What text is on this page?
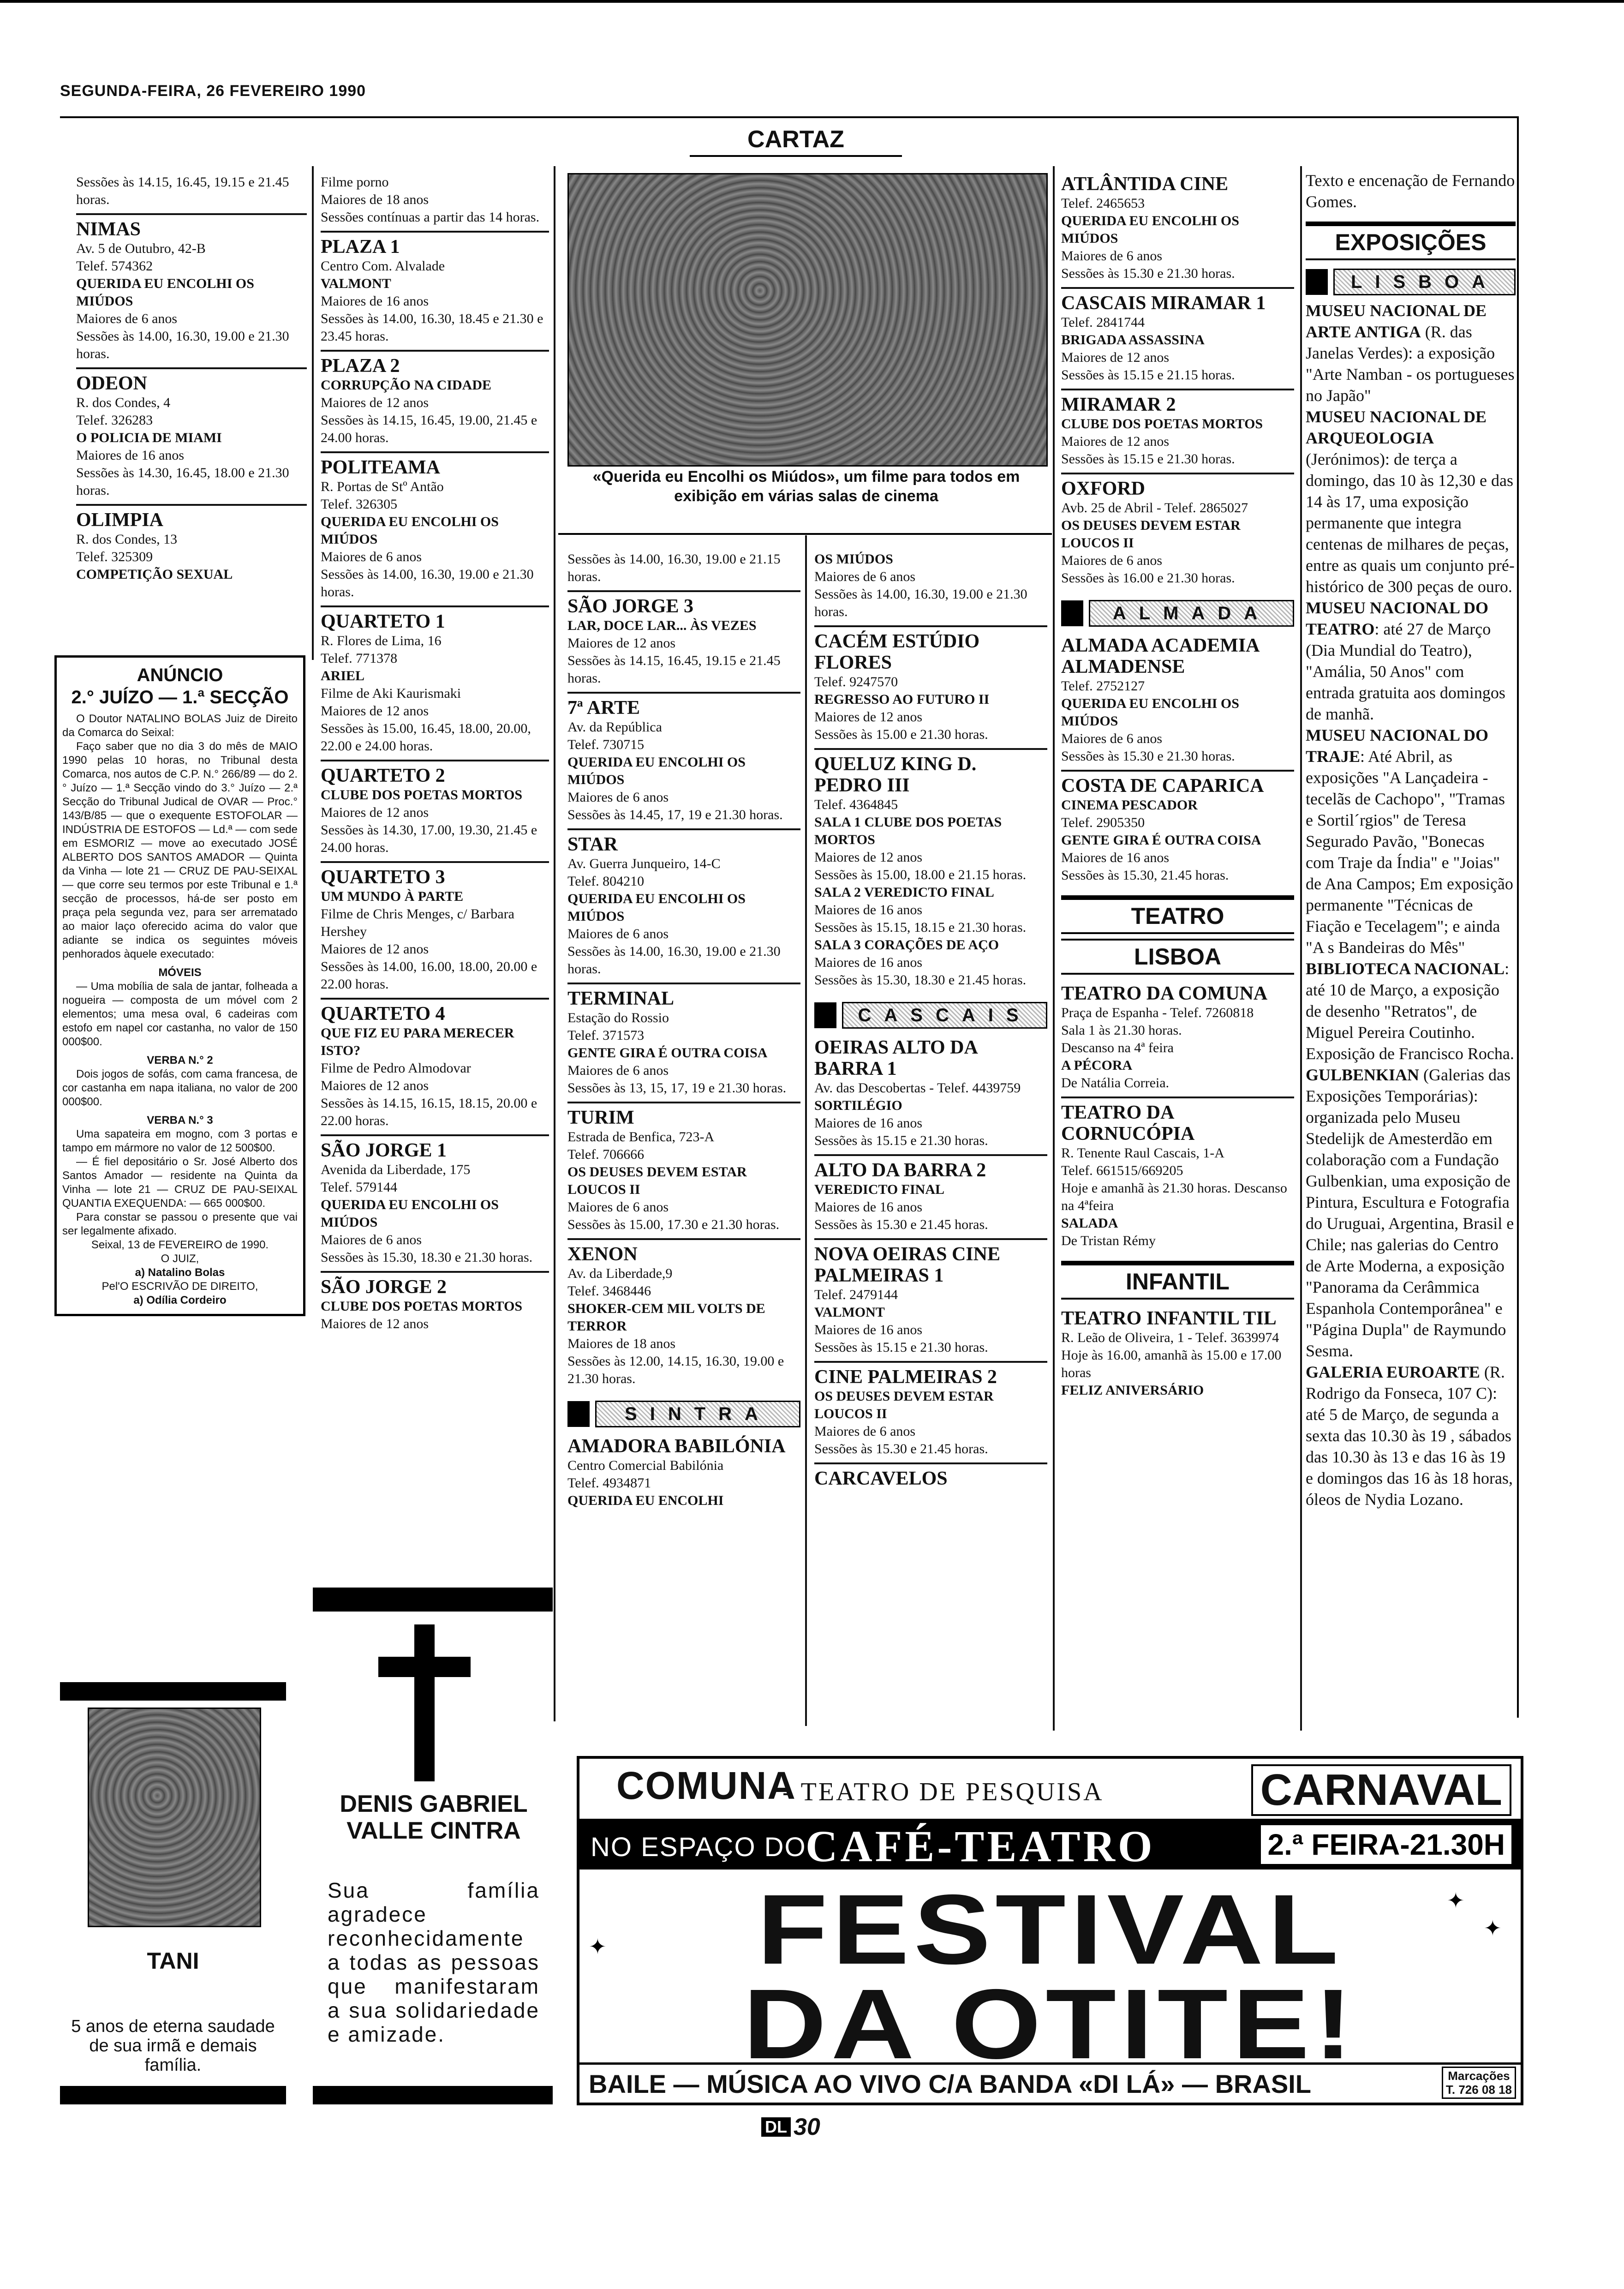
SEGUNDA-FEIRA, 26 FEVEREIRO 1990
CARTAZ
Sessões às 14.15, 16.45, 19.15 e 21.45 horas.
NIMAS
Av. 5 de Outubro, 42-B
Telef. 574362
QUERIDA EU ENCOLHI OS MIÚDOS
Maiores de 6 anos
Sessões às 14.00, 16.30, 19.00 e 21.30 horas.
ODEON
R. dos Condes, 4
Telef. 326283
O POLICIA DE MIAMI
Maiores de 16 anos
Sessões às 14.30, 16.45, 18.00 e 21.30 horas.
OLIMPIA
R. dos Condes, 13
Telef. 325309
COMPETIÇÃO SEXUAL
ANÚNCIO
2.° JUÍZO — 1.ª SECÇÃO
O Doutor NATALINO BOLAS Juiz de Direito da Comarca do Seixal:
Faço saber que no dia 3 do mês de MAIO 1990 pelas 10 horas, no Tribunal desta Comarca, nos autos de C.P. N.° 266/89 — do 2.° Juízo — 1.ª Secção vindo do 3.° Juízo — 2.ª Secção do Tribunal Judical de OVAR — Proc.° 143/B/85 — que o exequente ESTOFOLAR — INDÚSTRIA DE ESTOFOS — Ld.ª — com sede em ESMORIZ — move ao executado JOSÉ ALBERTO DOS SANTOS AMADOR — Quinta da Vinha — lote 21 — CRUZ DE PAU-SEIXAL — que corre seu termos por este Tribunal e 1.ª secção de processos, há-de ser posto em praça pela segunda vez, para ser arrematado ao maior laço oferecido acima do valor que adiante se indica os seguintes móveis penhorados àquele executado:
MÓVEIS
— Uma mobília de sala de jantar, folheada a nogueira — composta de um móvel com 2 elementos; uma mesa oval, 6 cadeiras com estofo em napel cor castanha, no valor de 150 000$00.
VERBA N.° 2
Dois jogos de sofás, com cama francesa, de cor castanha em napa italiana, no valor de 200 000$00.
VERBA N.° 3
Uma sapateira em mogno, com 3 portas e tampo em mármore no valor de 12 500$00.
— É fiel depositário o Sr. José Alberto dos Santos Amador — residente na Quinta da Vinha — lote 21 — CRUZ DE PAU-SEIXAL QUANTIA EXEQUENDA: — 665 000$00.
Para constar se passou o presente que vai ser legalmente afixado.
Seixal, 13 de FEVEREIRO de 1990.
O JUIZ,
a) Natalino Bolas
Pel'O ESCRIVÃO DE DIREITO,
a) Odília Cordeiro
TANI
5 anos de eterna saudade de sua irmã e demais família.
DENIS GABRIEL VALLE CINTRA
Sua família agradece reconhecidamente a todas as pessoas que manifestaram a sua solidariedade e amizade.
Filme porno
Maiores de 18 anos
Sessões contínuas a partir das 14 horas.
PLAZA 1
Centro Com. Alvalade
VALMONT
Maiores de 16 anos
Sessões às 14.00, 16.30, 18.45 e 21.30 e 23.45 horas.
PLAZA 2
CORRUPÇÃO NA CIDADE
Maiores de 12 anos
Sessões às 14.15, 16.45, 19.00, 21.45 e 24.00 horas.
POLITEAMA
R. Portas de Stº Antão
Telef. 326305
QUERIDA EU ENCOLHI OS MIÚDOS
Maiores de 6 anos
Sessões às 14.00, 16.30, 19.00 e 21.30 horas.
QUARTETO 1
R. Flores de Lima, 16
Telef. 771378
ARIEL
Filme de Aki Kaurismaki
Maiores de 12 anos
Sessões às 15.00, 16.45, 18.00, 20.00, 22.00 e 24.00 horas.
QUARTETO 2
CLUBE DOS POETAS MORTOS
Maiores de 12 anos
Sessões às 14.30, 17.00, 19.30, 21.45 e 24.00 horas.
QUARTETO 3
UM MUNDO À PARTE
Filme de Chris Menges, c/ Barbara Hershey
Maiores de 12 anos
Sessões às 14.00, 16.00, 18.00, 20.00 e 22.00 horas.
QUARTETO 4
QUE FIZ EU PARA MERECER ISTO?
Filme de Pedro Almodovar
Maiores de 12 anos
Sessões às 14.15, 16.15, 18.15, 20.00 e 22.00 horas.
SÃO JORGE 1
Avenida da Liberdade, 175
Telef. 579144
QUERIDA EU ENCOLHI OS MIÚDOS
Maiores de 6 anos
Sessões às 15.30, 18.30 e 21.30 horas.
SÃO JORGE 2
CLUBE DOS POETAS MORTOS
Maiores de 12 anos
«Querida eu Encolhi os Miúdos», um filme para todos em exibição em várias salas de cinema
Sessões às 14.00, 16.30, 19.00 e 21.15 horas.
SÃO JORGE 3
LAR, DOCE LAR... ÀS VEZES
Maiores de 12 anos
Sessões às 14.15, 16.45, 19.15 e 21.45 horas.
7ª ARTE
Av. da República
Telef. 730715
QUERIDA EU ENCOLHI OS MIÚDOS
Maiores de 6 anos
Sessões às 14.45, 17, 19 e 21.30 horas.
STAR
Av. Guerra Junqueiro, 14-C
Telef. 804210
QUERIDA EU ENCOLHI OS MIÚDOS
Maiores de 6 anos
Sessões às 14.00, 16.30, 19.00 e 21.30 horas.
TERMINAL
Estação do Rossio
Telef. 371573
GENTE GIRA É OUTRA COISA
Maiores de 6 anos
Sessões às 13, 15, 17, 19 e 21.30 horas.
TURIM
Estrada de Benfica, 723-A
Telef. 706666
OS DEUSES DEVEM ESTAR LOUCOS II
Maiores de 6 anos
Sessões às 15.00, 17.30 e 21.30 horas.
XENON
Av. da Liberdade,9
Telef. 3468446
SHOKER-CEM MIL VOLTS DE TERROR
Maiores de 18 anos
Sessões às 12.00, 14.15, 16.30, 19.00 e 21.30 horas.
SINTRA
AMADORA BABILÓNIA
Centro Comercial Babilónia
Telef. 4934871
QUERIDA EU ENCOLHI
OS MIÚDOS
Maiores de 6 anos
Sessões às 14.00, 16.30, 19.00 e 21.30 horas.
CACÉM ESTÚDIO FLORES
Telef. 9247570
REGRESSO AO FUTURO II
Maiores de 12 anos
Sessões às 15.00 e 21.30 horas.
QUELUZ KING D. PEDRO III
Telef. 4364845
SALA 1 CLUBE DOS POETAS MORTOS
Maiores de 12 anos
Sessões às 15.00, 18.00 e 21.15 horas.
SALA 2 VEREDICTO FINAL
Maiores de 16 anos
Sessões às 15.15, 18.15 e 21.30 horas.
SALA 3 CORAÇÕES DE AÇO
Maiores de 16 anos
Sessões às 15.30, 18.30 e 21.45 horas.
CASCAIS
OEIRAS ALTO DA BARRA 1
Av. das Descobertas - Telef. 4439759
SORTILÉGIO
Maiores de 16 anos
Sessões às 15.15 e 21.30 horas.
ALTO DA BARRA 2
VEREDICTO FINAL
Maiores de 16 anos
Sessões às 15.30 e 21.45 horas.
NOVA OEIRAS CINE PALMEIRAS 1
Telef. 2479144
VALMONT
Maiores de 16 anos
Sessões às 15.15 e 21.30 horas.
CINE PALMEIRAS 2
OS DEUSES DEVEM ESTAR LOUCOS II
Maiores de 6 anos
Sessões às 15.30 e 21.45 horas.
CARCAVELOS
ATLÂNTIDA CINE
Telef. 2465653
QUERIDA EU ENCOLHI OS MIÚDOS
Maiores de 6 anos
Sessões às 15.30 e 21.30 horas.
CASCAIS MIRAMAR 1
Telef. 2841744
BRIGADA ASSASSINA
Maiores de 12 anos
Sessões às 15.15 e 21.15 horas.
MIRAMAR 2
CLUBE DOS POETAS MORTOS
Maiores de 12 anos
Sessões às 15.15 e 21.30 horas.
OXFORD
Avb. 25 de Abril - Telef. 2865027
OS DEUSES DEVEM ESTAR LOUCOS II
Maiores de 6 anos
Sessões às 16.00 e 21.30 horas.
ALMADA
ALMADA ACADEMIA ALMADENSE
Telef. 2752127
QUERIDA EU ENCOLHI OS MIÚDOS
Maiores de 6 anos
Sessões às 15.30 e 21.30 horas.
COSTA DE CAPARICA
CINEMA PESCADOR
Telef. 2905350
GENTE GIRA É OUTRA COISA
Maiores de 16 anos
Sessões às 15.30, 21.45 horas.
TEATRO
LISBOA
TEATRO DA COMUNA
Praça de Espanha - Telef. 7260818
Sala 1 às 21.30 horas.
Descanso na 4ª feira
A PÉCORA
De Natália Correia.
TEATRO DA CORNUCÓPIA
R. Tenente Raul Cascais, 1-A
Telef. 661515/669205
Hoje e amanhã às 21.30 horas. Descanso na 4ªfeira
SALADA
De Tristan Rémy
INFANTIL
TEATRO INFANTIL TIL
R. Leão de Oliveira, 1 - Telef. 3639974
Hoje às 16.00, amanhã às 15.00 e 17.00 horas
FELIZ ANIVERSÁRIO

Texto e encenação de Fernando Gomes.

EXPOSIÇÕES
LISBOA

MUSEU NACIONAL DE ARTE ANTIGA (R. das Janelas Verdes): a exposição "Arte Namban - os portugueses no Japão"

MUSEU NACIONAL DE ARQUEOLOGIA (Jerónimos): de terça a domingo, das 10 às 12,30 e das 14 às 17, uma exposição permanente que integra centenas de milhares de peças, entre as quais um conjunto pré-histórico de 300 peças de ouro.

MUSEU NACIONAL DO TEATRO: até 27 de Março (Dia Mundial do Teatro), "Amália, 50 Anos" com entrada gratuita aos domingos de manhã.

MUSEU NACIONAL DO TRAJE: Até Abril, as exposições "A Lançadeira - tecelãs de Cachopo", "Tramas e Sortil´rgios" de Teresa Segurado Pavão, "Bonecas com Traje da Índia" e "Joias" de Ana Campos; Em exposição permanente "Técnicas de Fiação e Tecelagem"; e ainda "A s Bandeiras do Mês"

BIBLIOTECA NACIONAL: até 10 de Março, a exposição de desenho "Retratos", de Miguel Pereira Coutinho. Exposição de Francisco Rocha.

GULBENKIAN (Galerias das Exposições Temporárias): organizada pelo Museu Stedelijk de Amesterdão em colaboração com a Fundação Gulbenkian, uma exposição de Pintura, Escultura e Fotografia do Uruguai, Argentina, Brasil e Chile; nas galerias do Centro de Arte Moderna, a exposição "Panorama da Cerâmmica Espanhola Contemporânea" e "Página Dupla" de Raymundo Sesma.

GALERIA EUROARTE (R. Rodrigo da Fonseca, 107 C): até 5 de Março, de segunda a sexta das 10.30 às 19 , sábados das 10.30 às 13 e das 16 às 19 e domingos das 16 às 18 horas, óleos de Nydia Lozano.

COMUNA
- TEATRO DE PESQUISA	CARNAVAL
NO ESPAÇO DO
CAFÉ-TEATRO	2.ª FEIRA-21.30H
✦
✦
✦	FESTIVAL
DA OTITE!
BAILE — MÚSICA AO VIVO C/A BANDA «DI LÁ» — BRASIL	Marcações
T. 726 08 18
DL 30
